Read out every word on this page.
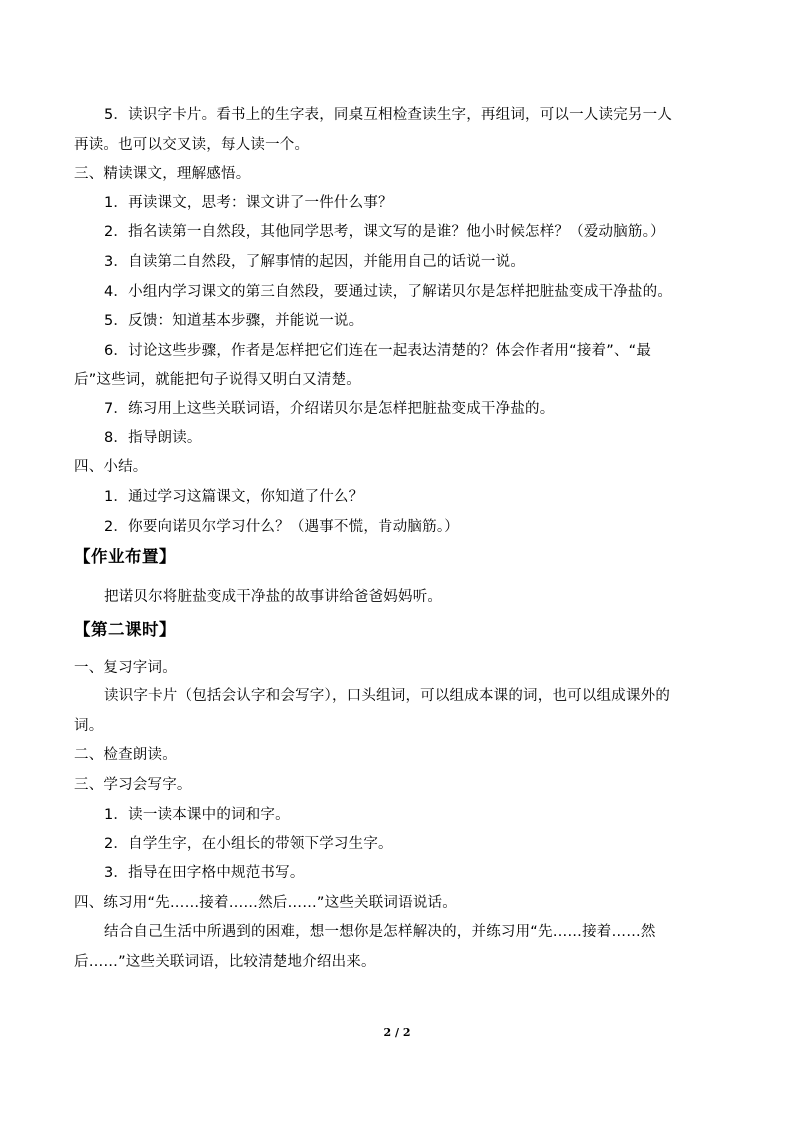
5．读识字卡片。看书上的生字表，同桌互相检查读生字，再组词，可以一人读完另一人
再读。也可以交叉读，每人读一个。
三、精读课文，理解感悟。
1．再读课文，思考：课文讲了一件什么事？
2．指名读第一自然段，其他同学思考，课文写的是谁？他小时候怎样？（爱动脑筋。）
3．自读第二自然段，了解事情的起因，并能用自己的话说一说。
4．小组内学习课文的第三自然段，要通过读，了解诺贝尔是怎样把脏盐变成干净盐的。
5．反馈：知道基本步骤，并能说一说。
6．讨论这些步骤，作者是怎样把它们连在一起表达清楚的？体会作者用“接着”、“最
后”这些词，就能把句子说得又明白又清楚。
7．练习用上这些关联词语，介绍诺贝尔是怎样把脏盐变成干净盐的。
8．指导朗读。
四、小结。
1．通过学习这篇课文，你知道了什么？
2．你要向诺贝尔学习什么？（遇事不慌，肯动脑筋。）
【作业布置】
把诺贝尔将脏盐变成干净盐的故事讲给爸爸妈妈听。
【第二课时】
一、复习字词。
读识字卡片（包括会认字和会写字），口头组词，可以组成本课的词，也可以组成课外的
词。
二、检查朗读。
三、学习会写字。
1．读一读本课中的词和字。
2．自学生字，在小组长的带领下学习生字。
3．指导在田字格中规范书写。
四、练习用“先……接着……然后……”这些关联词语说话。
结合自己生活中所遇到的困难，想一想你是怎样解决的，并练习用“先……接着……然
后……”这些关联词语，比较清楚地介绍出来。
2 / 2
